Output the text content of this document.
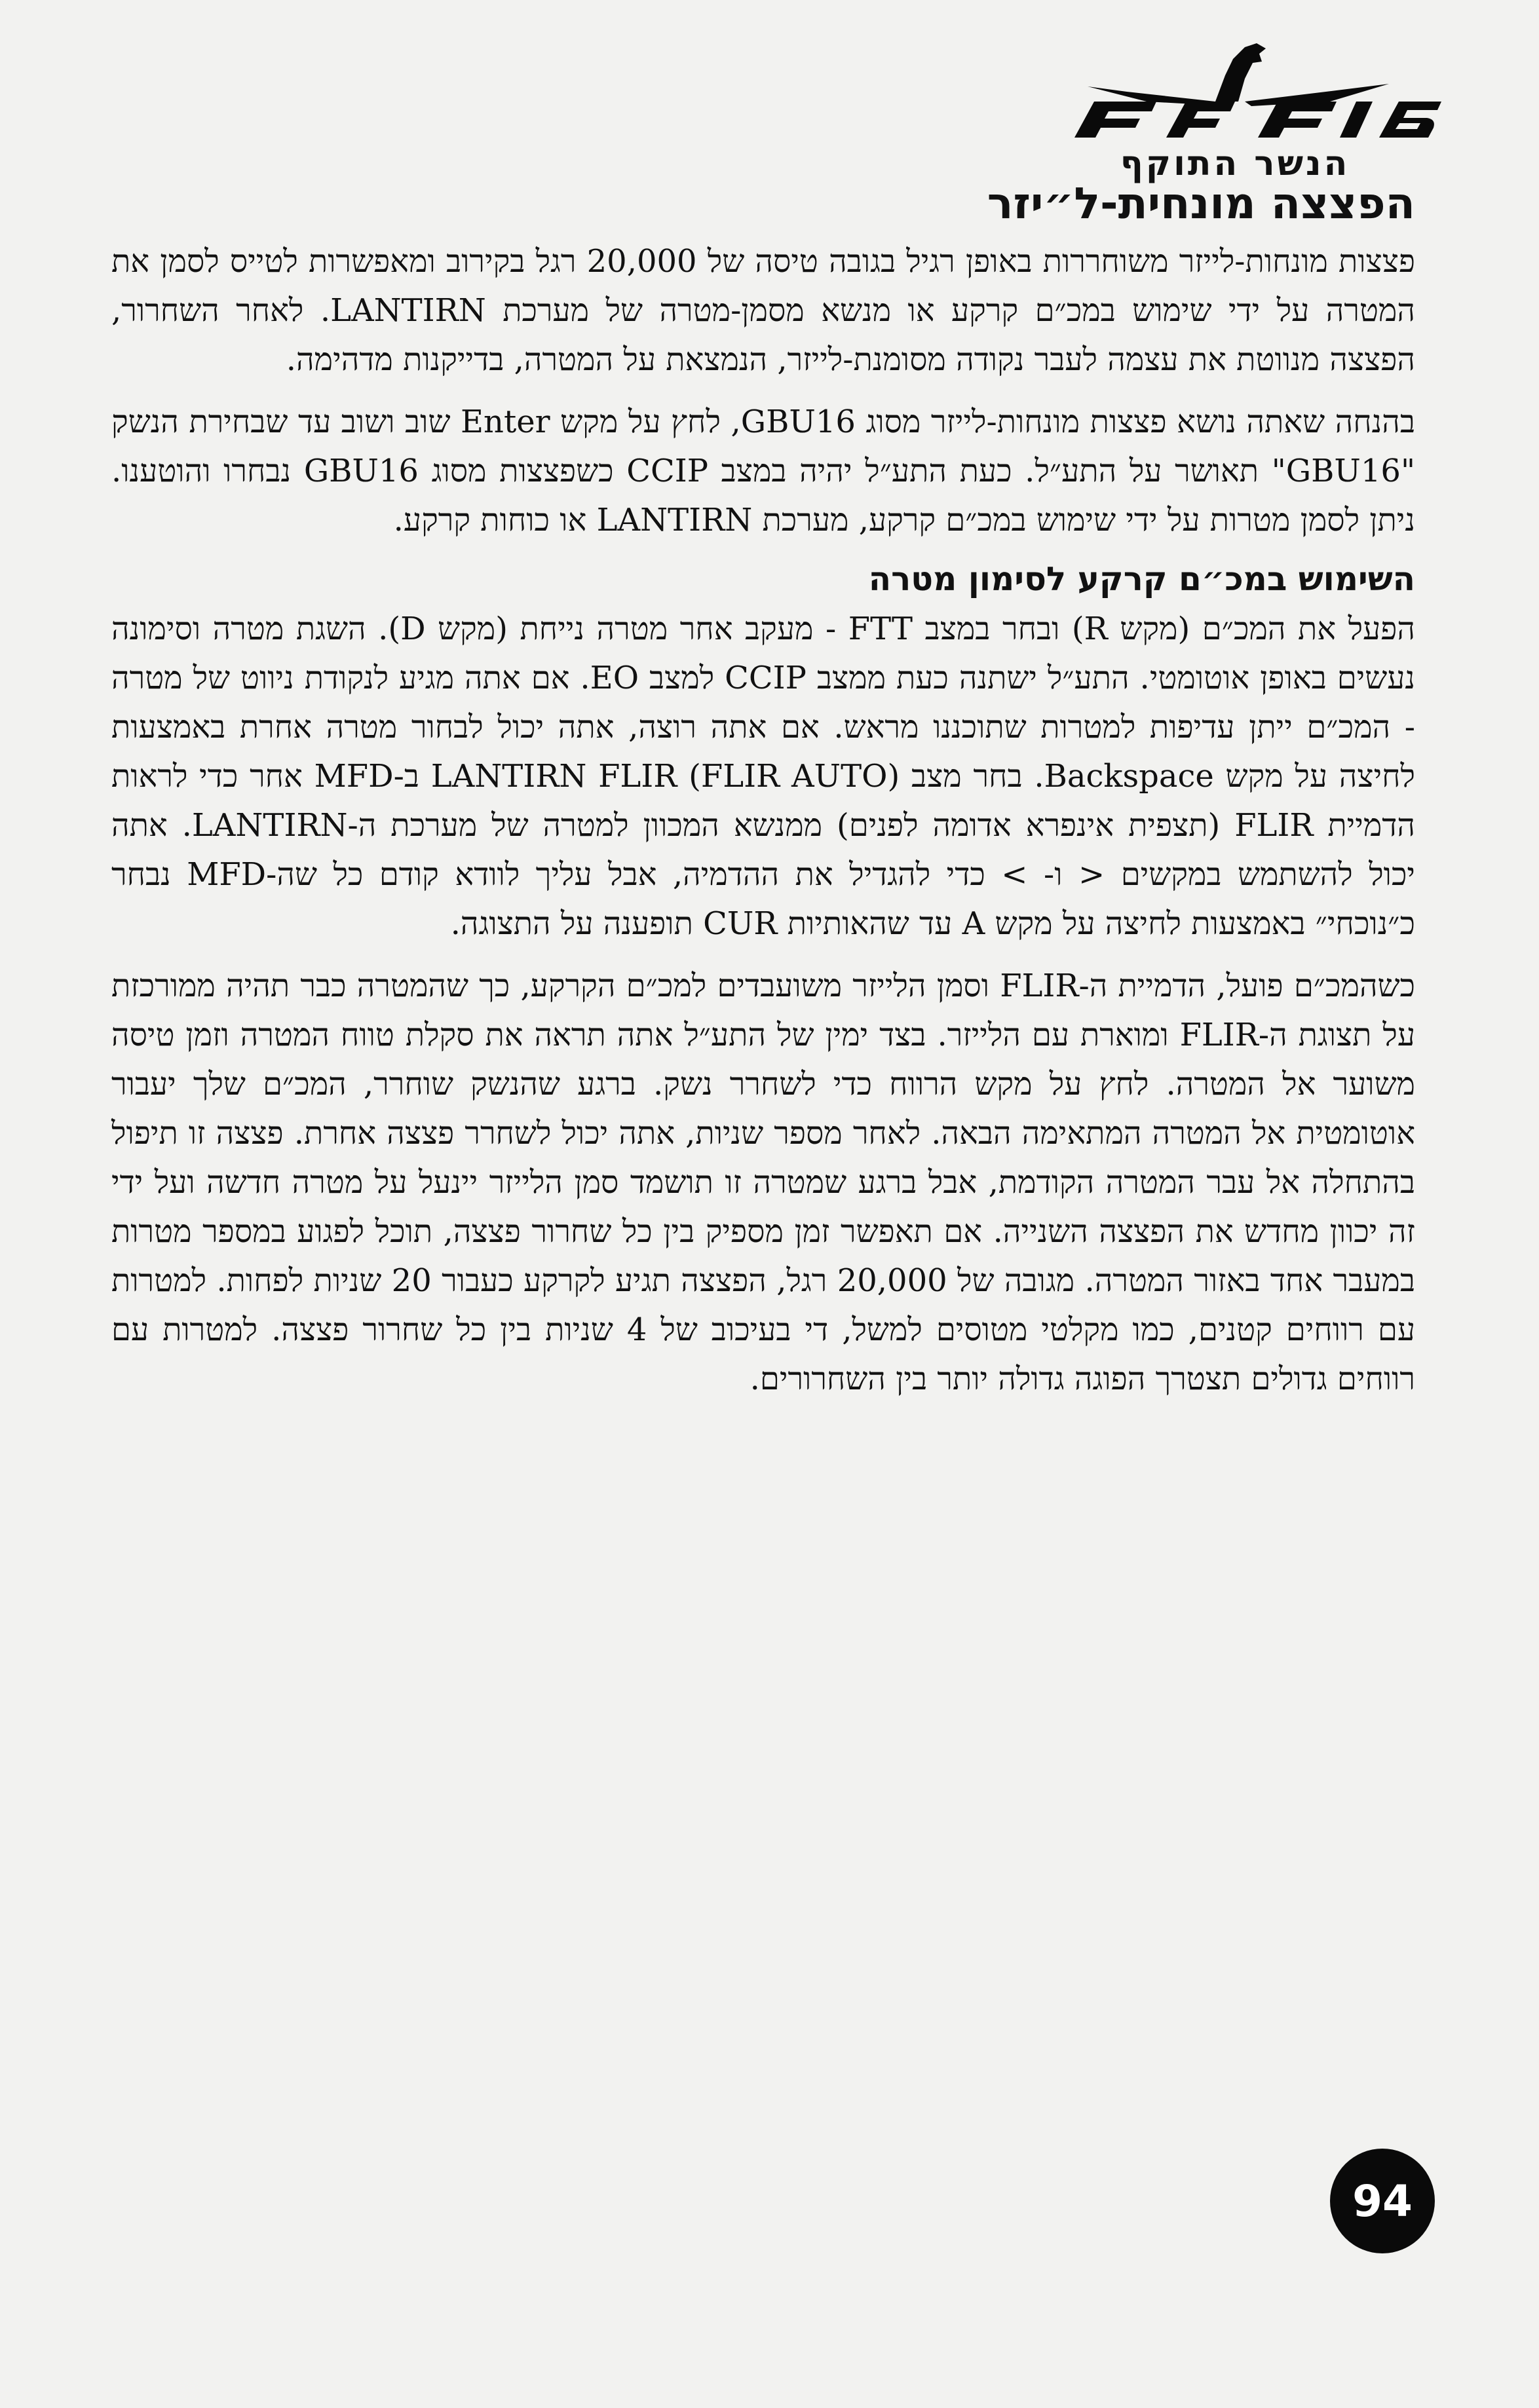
הנשר התוקף
הפצצה מונחית-ל״יזר

פצצות מונחות-לייזר משוחררות באופן רגיל בגובה טיסה של 20,000 רגל בקירוב ומאפשרות לטייס לסמן את המטרה על ידי שימוש במכ״ם קרקע או מנשא מסמן-מטרה של מערכת LANTIRN. לאחר השחרור, הפצצה מנווטת את עצמה לעבר נקודה מסומנת-לייזר, הנמצאת על המטרה, בדייקנות מדהימה.

בהנחה שאתה נושא פצצות מונחות-לייזר מסוג GBU16, לחץ על מקש Enter שוב ושוב עד שבחירת הנשק "GBU16" תאושר על התע״ל. כעת התע״ל יהיה במצב CCIP כשפצצות מסוג GBU16 נבחרו והוטענו. ניתן לסמן מטרות על ידי שימוש במכ״ם קרקע, מערכת LANTIRN או כוחות קרקע.

השימוש במכ״ם קרקע לסימון מטרה

הפעל את המכ״ם (מקש R) ובחר במצב FTT - מעקב אחר מטרה נייחת (מקש D). השגת מטרה וסימונה נעשים באופן אוטומטי. התע״ל ישתנה כעת ממצב CCIP למצב EO. אם אתה מגיע לנקודת ניווט של מטרה - המכ״ם ייתן עדיפות למטרות שתוכננו מראש. אם אתה רוצה, אתה יכול לבחור מטרה אחרת באמצעות לחיצה על מקש Backspace. בחר מצב LANTIRN FLIR (FLIR AUTO) ב-MFD אחר כדי לראות הדמיית FLIR (תצפית אינפרא אדומה לפנים) ממנשא המכוון למטרה של מערכת ה-LANTIRN. אתה יכול להשתמש במקשים < ו- > כדי להגדיל את ההדמיה, אבל עליך לוודא קודם כל שה-MFD נבחר כ״נוכחי״ באמצעות לחיצה על מקש A עד שהאותיות CUR תופענה על התצוגה.

כשהמכ״ם פועל, הדמיית ה-FLIR וסמן הלייזר משועבדים למכ״ם הקרקע, כך שהמטרה כבר תהיה ממורכזת על תצוגת ה-FLIR ומוארת עם הלייזר. בצד ימין של התע״ל אתה תראה את סקלת טווח המטרה וזמן טיסה משוער אל המטרה. לחץ על מקש הרווח כדי לשחרר נשק. ברגע שהנשק שוחרר, המכ״ם שלך יעבור אוטומטית אל המטרה המתאימה הבאה. לאחר מספר שניות, אתה יכול לשחרר פצצה אחרת. פצצה זו תיפול בהתחלה אל עבר המטרה הקודמת, אבל ברגע שמטרה זו תושמד סמן הלייזר יינעל על מטרה חדשה ועל ידי זה יכוון מחדש את הפצצה השנייה. אם תאפשר זמן מספיק בין כל שחרור פצצה, תוכל לפגוע במספר מטרות במעבר אחד באזור המטרה. מגובה של 20,000 רגל, הפצצה תגיע לקרקע כעבור 20 שניות לפחות. למטרות עם רווחים קטנים, כמו מקלטי מטוסים למשל, די בעיכוב של 4 שניות בין כל שחרור פצצה. למטרות עם רווחים גדולים תצטרך הפוגה גדולה יותר בין השחרורים.

94
